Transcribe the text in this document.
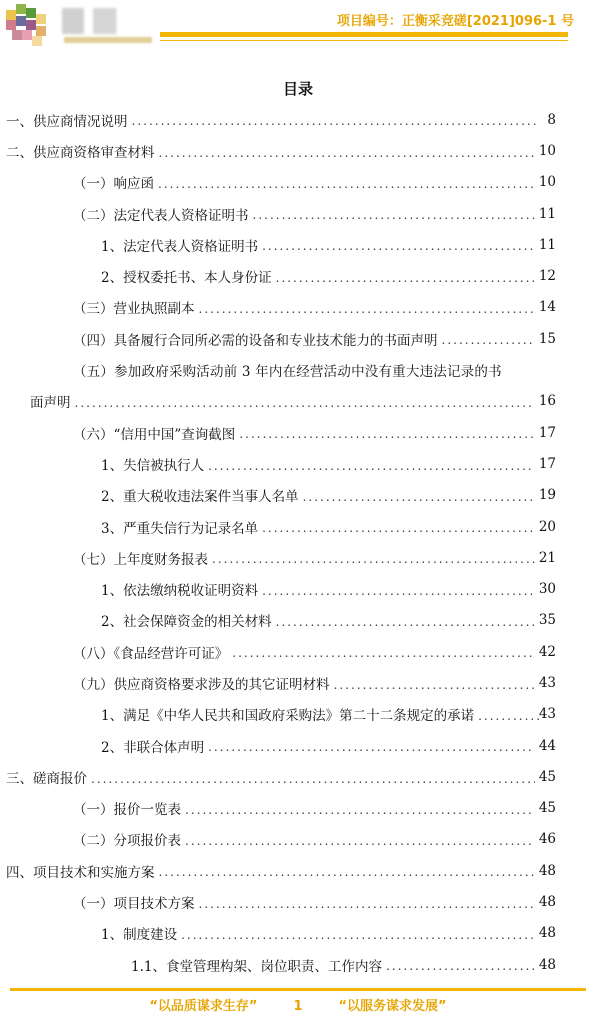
项目编号：正衡采竞磋[2021]096-1 号
目录
一、供应商情况说明 .....	8
二、供应商资格审查材料 .....	10
（一）响应函 .....	10
（二）法定代表人资格证明书 .....	11
1、法定代表人资格证明书 .....	11
2、授权委托书、本人身份证 .....	12
（三）营业执照副本 .....	14
（四）具备履行合同所必需的设备和专业技术能力的书面声明 .....	15
（五）参加政府采购活动前 3 年内在经营活动中没有重大违法记录的书
面声明 .....	16
（六）“信用中国”查询截图 .....	17
1、失信被执行人 .....	17
2、重大税收违法案件当事人名单 .....	19
3、严重失信行为记录名单 .....	20
（七）上年度财务报表 .....	21
1、依法缴纳税收证明资料 .....	30
2、社会保障资金的相关材料 .....	35
（八）《食品经营许可证》 .....	42
（九）供应商资格要求涉及的其它证明材料 .....	43
1、满足《中华人民共和国政府采购法》第二十二条规定的承诺 .....	43
2、非联合体声明 .....	44
三、磋商报价 .....	45
（一）报价一览表 .....	45
（二）分项报价表 .....	46
四、项目技术和实施方案 .....	48
（一）项目技术方案 .....	48
1、制度建设 .....	48
1.1、食堂管理构架、岗位职责、工作内容 .....	48
“以品质谋求生存”	1	“以服务谋求发展”
